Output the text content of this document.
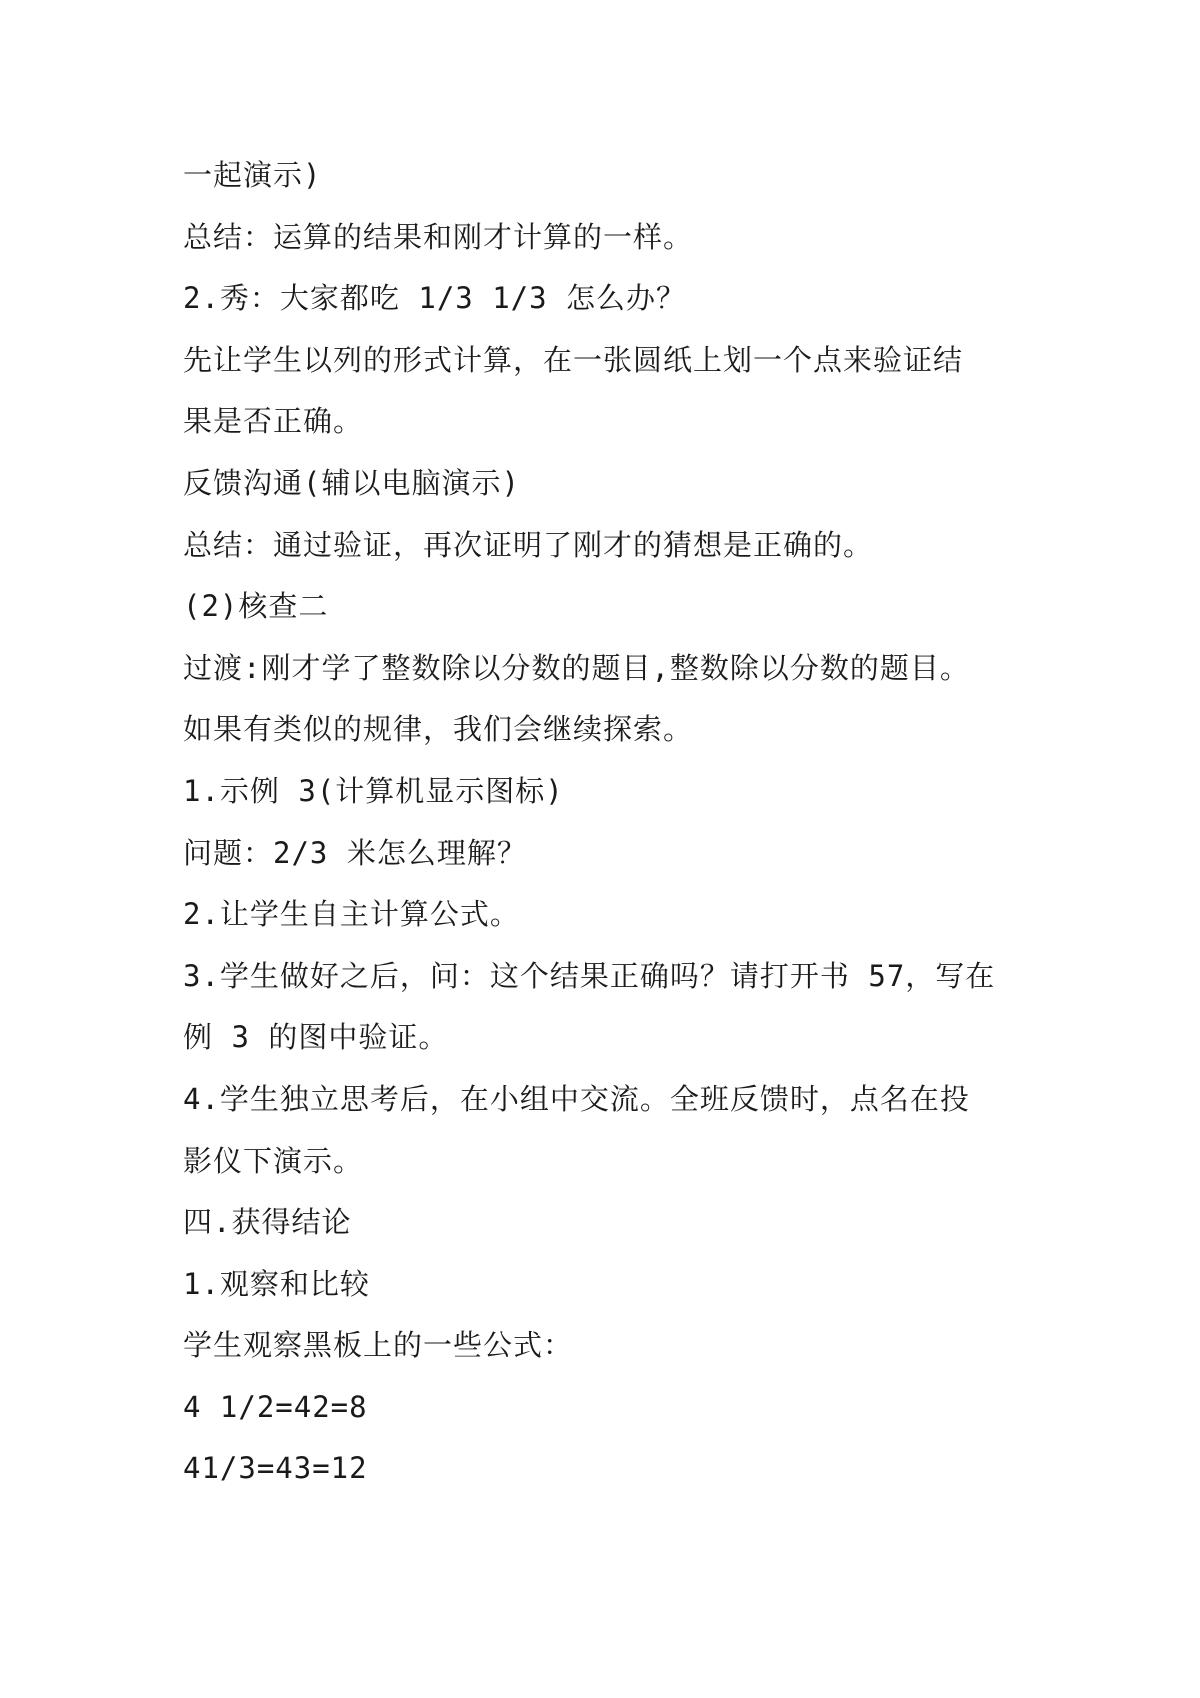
一起演示)
总结：运算的结果和刚才计算的一样。
2.秀：大家都吃 1/3 1/3 怎么办？
先让学生以列的形式计算，在一张圆纸上划一个点来验证结
果是否正确。
反馈沟通(辅以电脑演示)
总结：通过验证，再次证明了刚才的猜想是正确的。
(2)核查二
过渡:刚才学了整数除以分数的题目,整数除以分数的题目。
如果有类似的规律，我们会继续探索。
1.示例 3(计算机显示图标)
问题：2/3 米怎么理解？
2.让学生自主计算公式。
3.学生做好之后，问：这个结果正确吗？请打开书 57，写在
例 3 的图中验证。
4.学生独立思考后，在小组中交流。全班反馈时，点名在投
影仪下演示。
四.获得结论
1.观察和比较
学生观察黑板上的一些公式：
4 1/2=42=8
41/3=43=12
